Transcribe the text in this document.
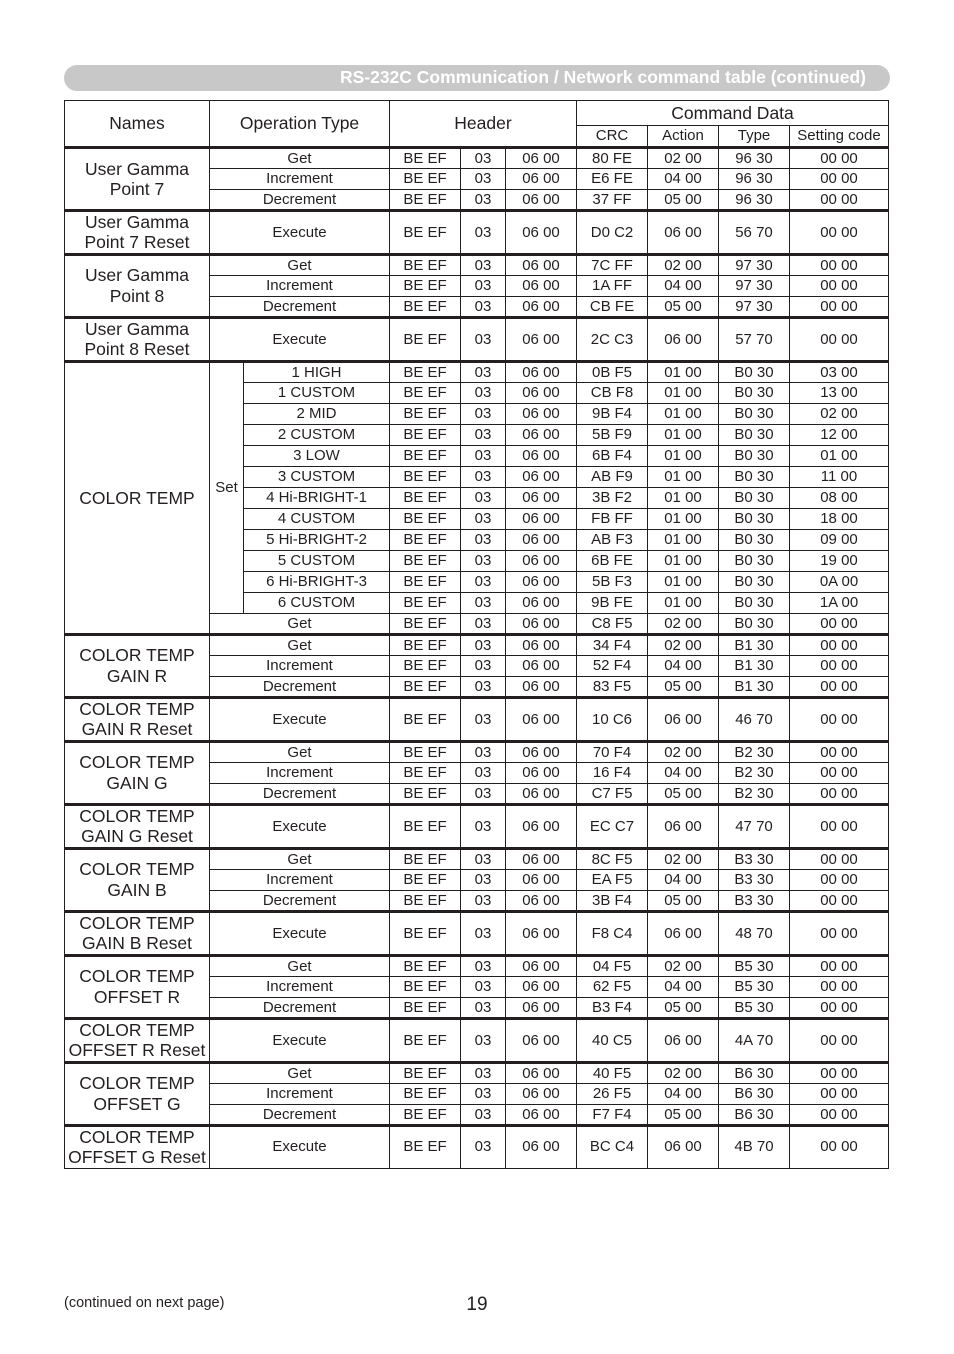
RS-232C Communication / Network command table (continued)
Names	Operation Type		Header			Command Data			
						CRC	Action	Type	Setting code
User Gamma Point 7	Get		BE EF	03	06 00	80 FE	02 00	96 30	00 00
	Increment		BE EF	03	06 00	E6 FE	04 00	96 30	00 00
	Decrement		BE EF	03	06 00	37 FF	05 00	96 30	00 00
User Gamma Point 7 Reset	Execute		BE EF	03	06 00	D0 C2	06 00	56 70	00 00
User Gamma Point 8	Get		BE EF	03	06 00	7C FF	02 00	97 30	00 00
	Increment		BE EF	03	06 00	1A FF	04 00	97 30	00 00
	Decrement		BE EF	03	06 00	CB FE	05 00	97 30	00 00
User Gamma Point 8 Reset	Execute		BE EF	03	06 00	2C C3	06 00	57 70	00 00
COLOR TEMP	Set	1 HIGH	BE EF	03	06 00	0B F5	01 00	B0 30	03 00
		1 CUSTOM	BE EF	03	06 00	CB F8	01 00	B0 30	13 00
		2 MID	BE EF	03	06 00	9B F4	01 00	B0 30	02 00
		2 CUSTOM	BE EF	03	06 00	5B F9	01 00	B0 30	12 00
		3 LOW	BE EF	03	06 00	6B F4	01 00	B0 30	01 00
		3 CUSTOM	BE EF	03	06 00	AB F9	01 00	B0 30	11 00
		4 Hi-BRIGHT-1	BE EF	03	06 00	3B F2	01 00	B0 30	08 00
		4 CUSTOM	BE EF	03	06 00	FB FF	01 00	B0 30	18 00
		5 Hi-BRIGHT-2	BE EF	03	06 00	AB F3	01 00	B0 30	09 00
		5 CUSTOM	BE EF	03	06 00	6B FE	01 00	B0 30	19 00
		6 Hi-BRIGHT-3	BE EF	03	06 00	5B F3	01 00	B0 30	0A 00
		6 CUSTOM	BE EF	03	06 00	9B FE	01 00	B0 30	1A 00
	Get		BE EF	03	06 00	C8 F5	02 00	B0 30	00 00
COLOR TEMP GAIN R	Get		BE EF	03	06 00	34 F4	02 00	B1 30	00 00
	Increment		BE EF	03	06 00	52 F4	04 00	B1 30	00 00
	Decrement		BE EF	03	06 00	83 F5	05 00	B1 30	00 00
COLOR TEMP GAIN R Reset	Execute		BE EF	03	06 00	10 C6	06 00	46 70	00 00
COLOR TEMP GAIN G	Get		BE EF	03	06 00	70 F4	02 00	B2 30	00 00
	Increment		BE EF	03	06 00	16 F4	04 00	B2 30	00 00
	Decrement		BE EF	03	06 00	C7 F5	05 00	B2 30	00 00
COLOR TEMP GAIN G Reset	Execute		BE EF	03	06 00	EC C7	06 00	47 70	00 00
COLOR TEMP GAIN B	Get		BE EF	03	06 00	8C F5	02 00	B3 30	00 00
	Increment		BE EF	03	06 00	EA F5	04 00	B3 30	00 00
	Decrement		BE EF	03	06 00	3B F4	05 00	B3 30	00 00
COLOR TEMP GAIN B Reset	Execute		BE EF	03	06 00	F8 C4	06 00	48 70	00 00
COLOR TEMP OFFSET R	Get		BE EF	03	06 00	04 F5	02 00	B5 30	00 00
	Increment		BE EF	03	06 00	62 F5	04 00	B5 30	00 00
	Decrement		BE EF	03	06 00	B3 F4	05 00	B5 30	00 00
COLOR TEMP OFFSET R Reset	Execute		BE EF	03	06 00	40 C5	06 00	4A 70	00 00
COLOR TEMP OFFSET G	Get		BE EF	03	06 00	40 F5	02 00	B6 30	00 00
	Increment		BE EF	03	06 00	26 F5	04 00	B6 30	00 00
	Decrement		BE EF	03	06 00	F7 F4	05 00	B6 30	00 00
COLOR TEMP OFFSET G Reset	Execute		BE EF	03	06 00	BC C4	06 00	4B 70	00 00
(continued on next page)	19
